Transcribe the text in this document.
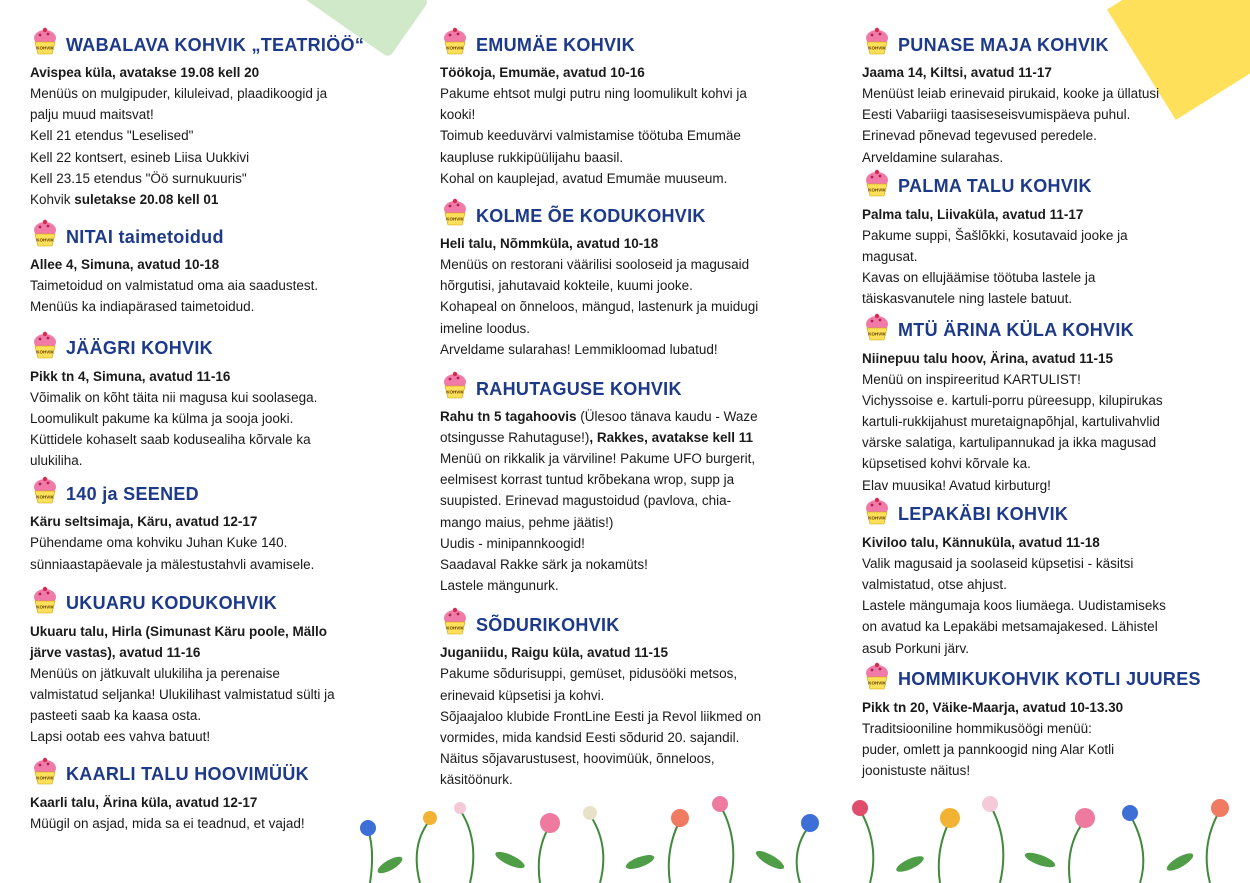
KOHVIK WABALAVA KOHVIK „TEATRIÖÖ“
Avispea küla, avatakse 19.08 kell 20
Menüüs on mulgipuder, kiluleivad, plaadikoogid ja
palju muud maitsvat!
Kell 21 etendus "Leselised"
Kell 22 kontsert, esineb Liisa Uukkivi
Kell 23.15 etendus "Öö surnukuuris"
Kohvik suletakse 20.08 kell 01
KOHVIK NITAI taimetoidud
Allee 4, Simuna, avatud 10-18
Taimetoidud on valmistatud oma aia saadustest.
Menüüs ka indiapärased taimetoidud.
KOHVIK JÄÄGRI KOHVIK
Pikk tn 4, Simuna, avatud 11-16
Võimalik on kõht täita nii magusa kui soolasega.
Loomulikult pakume ka külma ja sooja jooki.
Küttidele kohaselt saab kodusealiha kõrvale ka
ulukiliha.
KOHVIK 140 ja SEENED
Käru seltsimaja, Käru, avatud 12-17
Pühendame oma kohviku Juhan Kuke 140.
sünniaastapäevale ja mälestustahvli avamisele.
KOHVIK UKUARU KODUKOHVIK
Ukuaru talu, Hirla (Simunast Käru poole, Mällo
järve vastas), avatud 11-16
Menüüs on jätkuvalt ulukiliha ja perenaise
valmistatud seljanka! Ulukilihast valmistatud sülti ja
pasteeti saab ka kaasa osta.
Lapsi ootab ees vahva batuut!
KOHVIK KAARLI TALU HOOVIMÜÜK
Kaarli talu, Ärina küla, avatud 12-17
Müügil on asjad, mida sa ei teadnud, et vajad!
KOHVIK EMUMÄE KOHVIK
Töökoja, Emumäe, avatud 10-16
Pakume ehtsot mulgi putru ning loomulikult kohvi ja
kooki!
Toimub keeduvärvi valmistamise töötuba Emumäe
kaupluse rukkipüülijahu baasil.
Kohal on kauplejad, avatud Emumäe muuseum.
KOHVIK KOLME ÕE KODUKOHVIK
Heli talu, Nõmmküla, avatud 10-18
Menüüs on restorani väärilisi sooloseid ja magusaid
hõrgutisi, jahutavaid kokteile, kuumi jooke.
Kohapeal on õnneloos, mängud, lastenurk ja muidugi
imeline loodus.
Arveldame sularahas! Lemmikloomad lubatud!
KOHVIK RAHUTAGUSE KOHVIK
Rahu tn 5 tagahoovis (Ülesoo tänava kaudu - Waze
otsingusse Rahutaguse!), Rakkes, avatakse kell 11
Menüü on rikkalik ja värviline! Pakume UFO burgerit,
eelmisest korrast tuntud krõbekana wrop, supp ja
suupisted. Erinevad magustoidud (pavlova, chia-
mango maius, pehme jäätis!)
Uudis - minipannkoogid!
Saadaval Rakke särk ja nokamüts!
Lastele mängunurk.
KOHVIK SÕDURIKOHVIK
Juganiidu, Raigu küla, avatud 11-15
Pakume sõdurisuppi, gemüset, pidusööki metsos,
erinevaid küpsetisi ja kohvi.
Sõjaajaloo klubide FrontLine Eesti ja Revol liikmed on
vormides, mida kandsid Eesti sõdurid 20. sajandil.
Näitus sõjavarustusest, hoovimüük, õnneloos,
käsitöönurk.
KOHVIK PUNASE MAJA KOHVIK
Jaama 14, Kiltsi, avatud 11-17
Menüüst leiab erinevaid pirukaid, kooke ja üllatusi
Eesti Vabariigi taasiseseisvumispäeva puhul.
Erinevad põnevad tegevused peredele.
Arveldamine sularahas.
KOHVIK PALMA TALU KOHVIK
Palma talu, Liivaküla, avatud 11-17
Pakume suppi, Šašlõkki, kosutavaid jooke ja
magusat.
Kavas on ellujäämise töötuba lastele ja
täiskasvanutele ning lastele batuut.
KOHVIK MTÜ ÄRINA KÜLA KOHVIK
Niinepuu talu hoov, Ärina, avatud 11-15
Menüü on inspireeritud KARTULIST!
Vichyssoise e. kartuli-porru püreesupp, kilupirukas
kartuli-rukkijahust muretaignapõhjal, kartulivahvlid
värske salatiga, kartulipannukad ja ikka magusad
küpsetised kohvi kõrvale ka.
Elav muusika! Avatud kirbuturg!
KOHVIK LEPAKÄBI KOHVIK
Kiviloo talu, Kännuküla, avatud 11-18
Valik magusaid ja soolaseid küpsetisi - käsitsi
valmistatud, otse ahjust.
Lastele mängumaja koos liumäega. Uudistamiseks
on avatud ka Lepakäbi metsamajakesed. Lähistel
asub Porkuni järv.
KOHVIK HOMMIKUKOHVIK KOTLI JUURES
Pikk tn 20, Väike-Maarja, avatud 10-13.30
Traditsiooniline hommikusöögi menüü:
puder, omlett ja pannkoogid ning Alar Kotli
joonistuste näitus!
